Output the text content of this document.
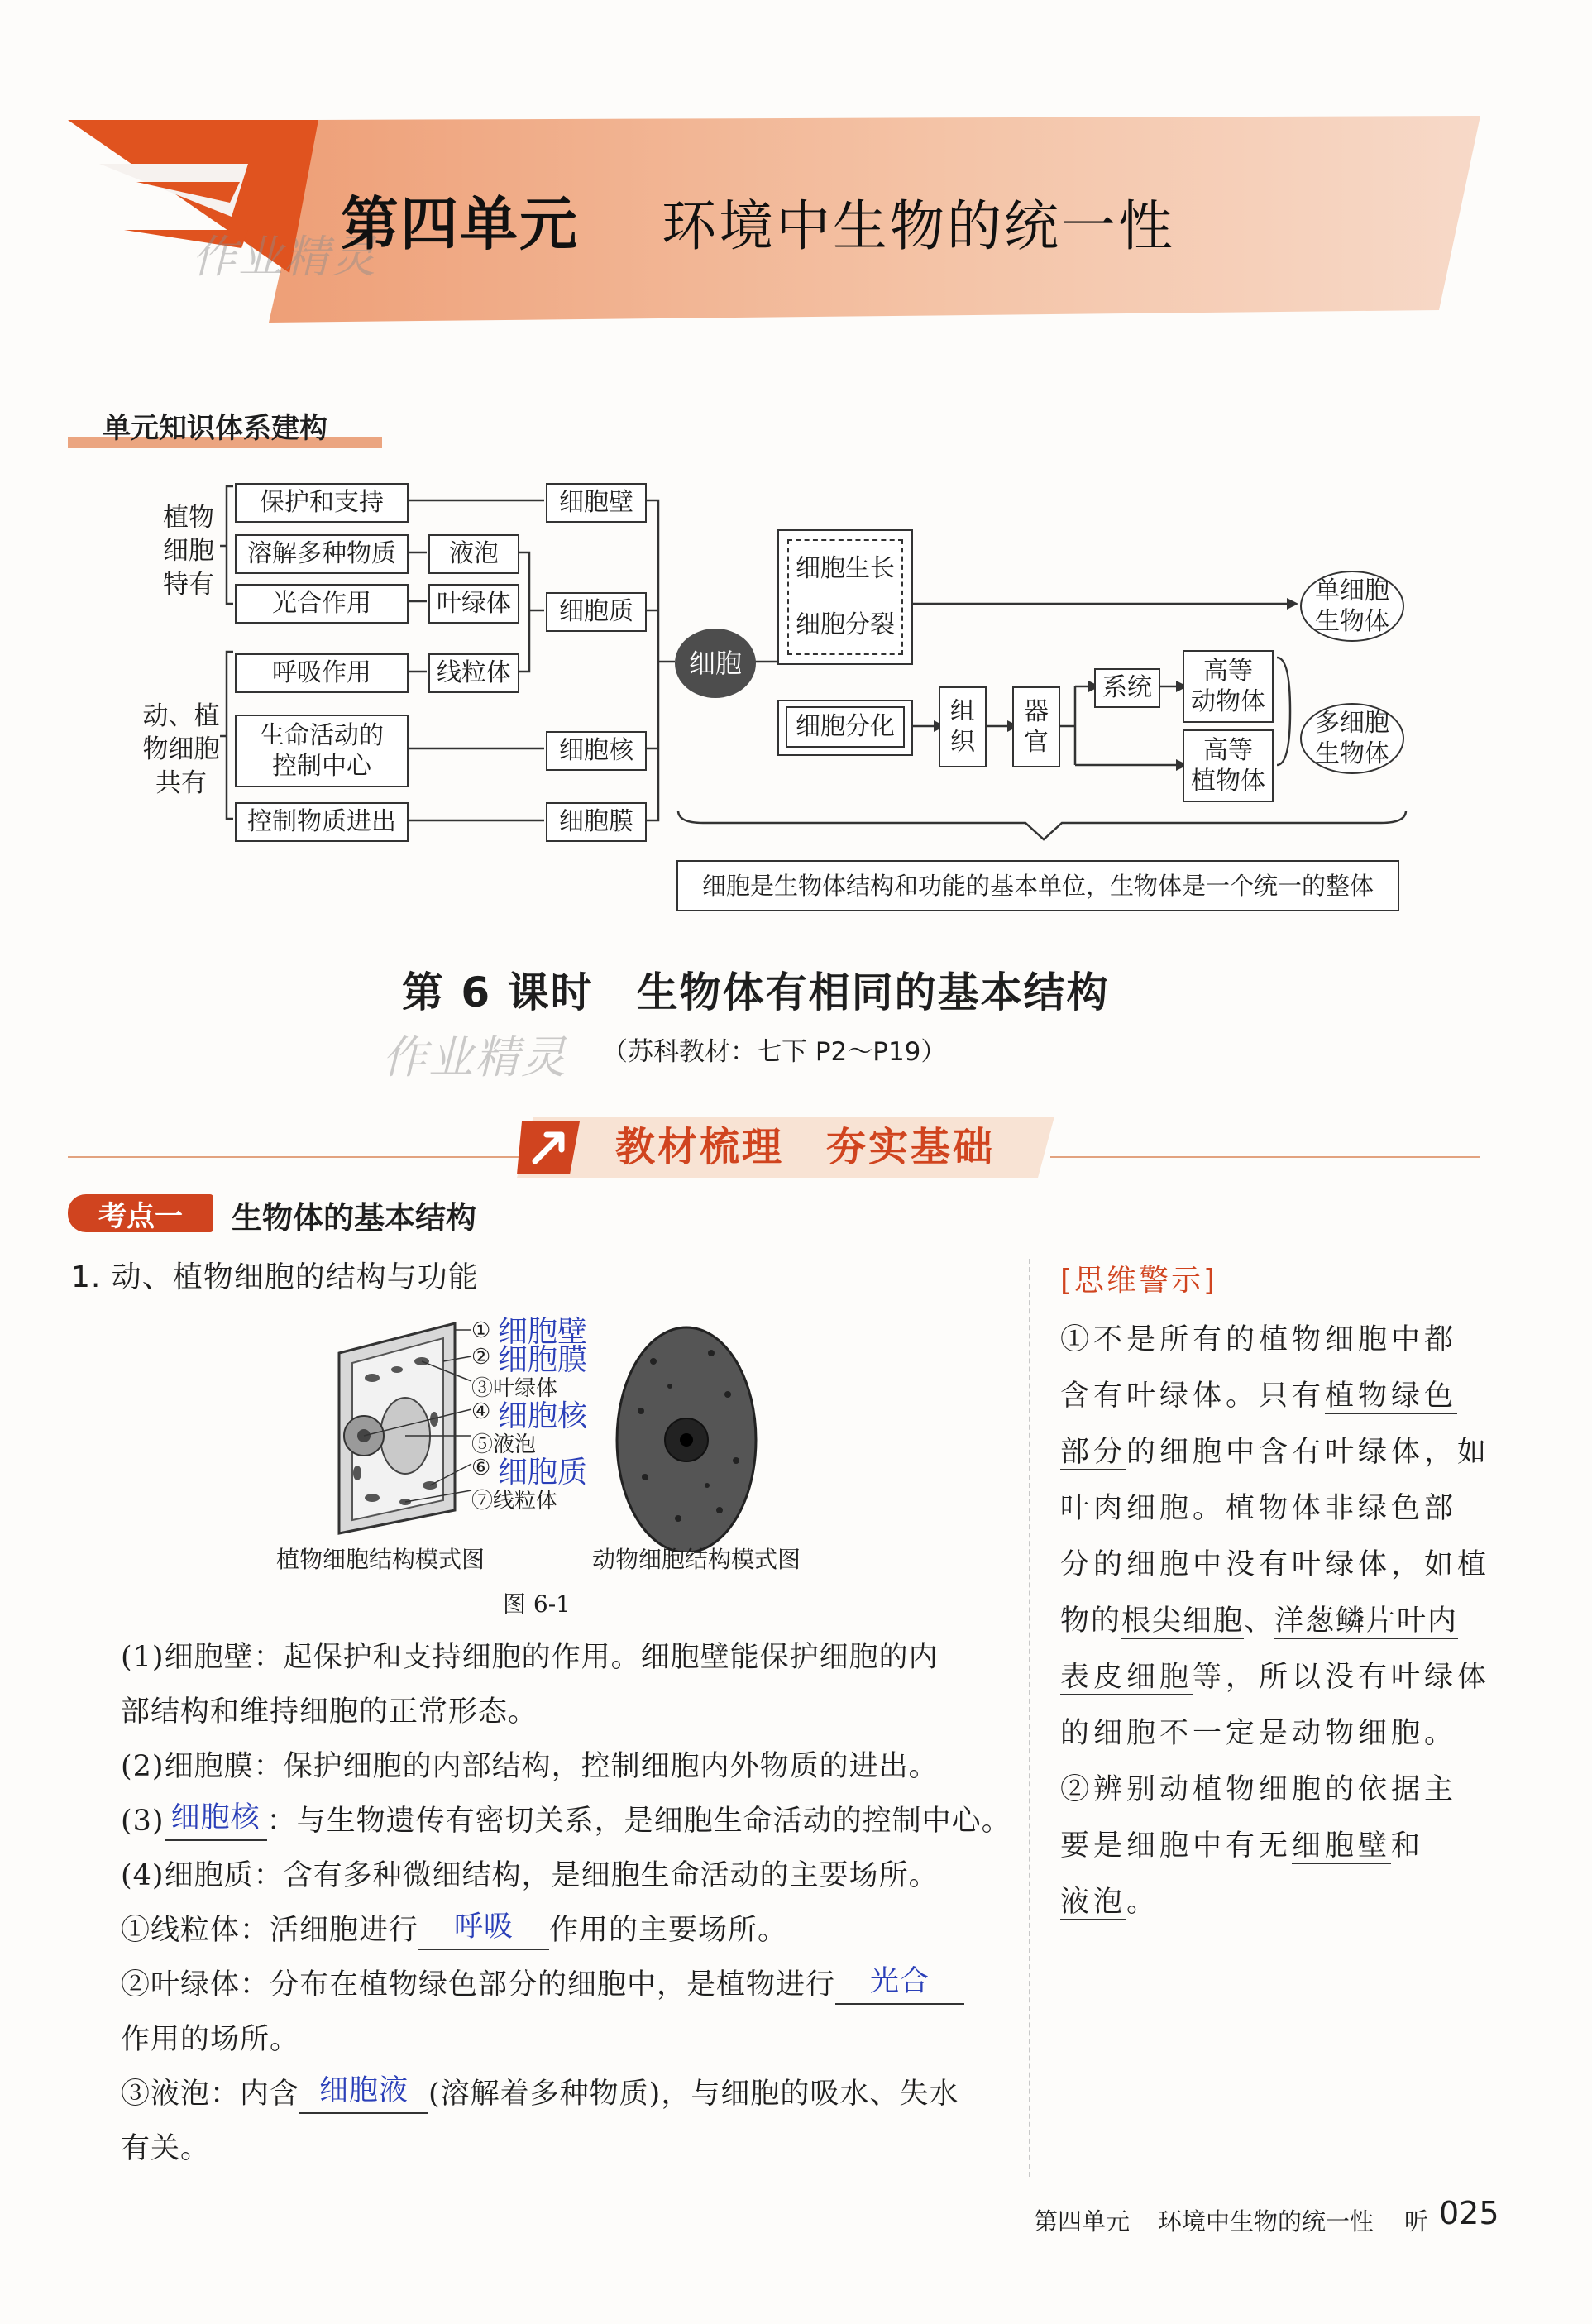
作业精灵
第四单元 环境中生物的统一性
单元知识体系建构
植物
细胞
特有
动、植
物细胞
共有
保护和支持
溶解多种物质
光合作用
呼吸作用
生命活动的
控制中心
控制物质进出
液泡
叶绿体
线粒体
细胞壁
细胞质
细胞核
细胞膜
细胞
细胞生长
细胞分裂
细胞分化
组
织
器
官
系统
高等
动物体
高等
植物体
单细胞
生物体
多细胞
生物体
细胞是生物体结构和功能的基本单位，生物体是一个统一的整体
第 6 课时　生物体有相同的基本结构
作业精灵 （苏科教材：七下 P2～P19）
教材梳理　夯实基础
考点一	生物体的基本结构
1. 动、植物细胞的结构与功能
① 细胞壁
② 细胞膜
③叶绿体
④ 细胞核
⑤液泡
⑥ 细胞质
⑦线粒体
植物细胞结构模式图	动物细胞结构模式图
图 6-1
(1)细胞壁：起保护和支持细胞的作用。细胞壁能保护细胞的内
部结构和维持细胞的正常形态。
(2)细胞膜：保护细胞的内部结构，控制细胞内外物质的进出。
(3) 细胞核 ：与生物遗传有密切关系，是细胞生命活动的控制中心。
(4)细胞质：含有多种微细结构，是细胞生命活动的主要场所。
①线粒体：活细胞进行 呼吸 作用的主要场所。
②叶绿体：分布在植物绿色部分的细胞中，是植物进行 光合
作用的场所。
③液泡：内含 细胞液 (溶解着多种物质)，与细胞的吸水、失水
有关。
[思维警示]
①不是所有的植物细胞中都
含有叶绿体。只有植物绿色
部分的细胞中含有叶绿体，如
叶肉细胞。植物体非绿色部
分的细胞中没有叶绿体，如植
物的根尖细胞、洋葱鳞片叶内
表皮细胞等，所以没有叶绿体
的细胞不一定是动物细胞。
②辨别动植物细胞的依据主
要是细胞中有无细胞壁和
液泡。
第四单元 环境中生物的统一性 听 025
